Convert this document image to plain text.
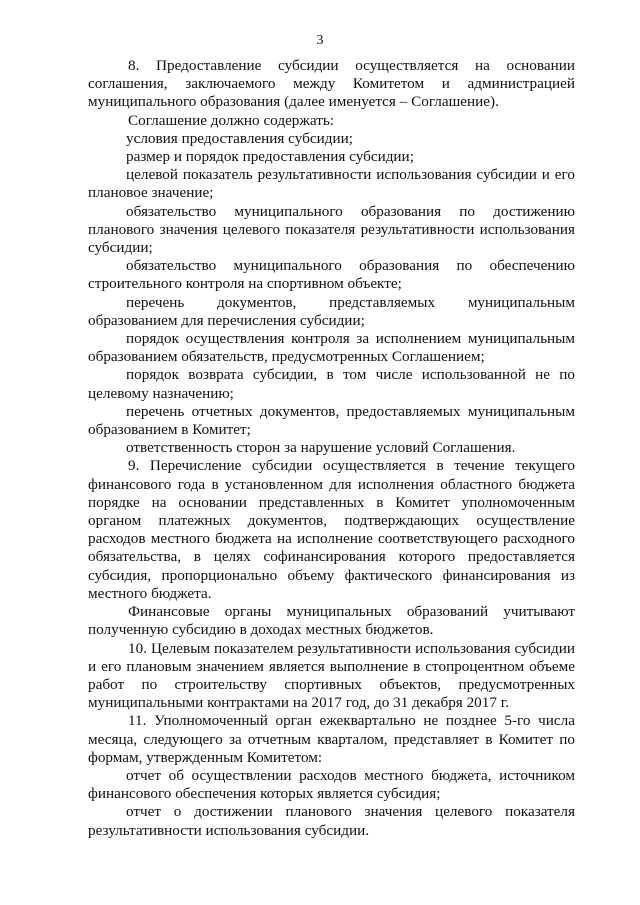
3

8. Предоставление субсидии осуществляется на основании соглашения, заключаемого между Комитетом и администрацией муниципального образования (далее именуется – Соглашение).

Соглашение должно содержать:

условия предоставления субсидии;

размер и порядок предоставления субсидии;

целевой показатель результативности использования субсидии и его плановое значение;

обязательство муниципального образования по достижению планового значения целевого показателя результативности использования субсидии;

обязательство муниципального образования по обеспечению строительного контроля на спортивном объекте;

перечень документов, представляемых муниципальным образованием для перечисления субсидии;

порядок осуществления контроля за исполнением муниципальным образованием обязательств, предусмотренных Соглашением;

порядок возврата субсидии, в том числе использованной не по целевому назначению;

перечень отчетных документов, предоставляемых муниципальным образованием в Комитет;

ответственность сторон за нарушение условий Соглашения.

9. Перечисление субсидии осуществляется в течение текущего финансового года в установленном для исполнения областного бюджета порядке на основании представленных в Комитет уполномоченным органом платежных документов, подтверждающих осуществление расходов местного бюджета на исполнение соответствующего расходного обязательства, в целях софинансирования которого предоставляется субсидия, пропорционально объему фактического финансирования из местного бюджета.

Финансовые органы муниципальных образований учитывают полученную субсидию в доходах местных бюджетов.

10. Целевым показателем результативности использования субсидии и его плановым значением является выполнение в стопроцентном объеме работ по строительству спортивных объектов, предусмотренных муниципальными контрактами на 2017 год, до 31 декабря 2017 г.

11. Уполномоченный орган ежеквартально не позднее 5-го числа месяца, следующего за отчетным кварталом, представляет в Комитет по формам, утвержденным Комитетом:

отчет об осуществлении расходов местного бюджета, источником финансового обеспечения которых является субсидия;

отчет о достижении планового значения целевого показателя результативности использования субсидии.
